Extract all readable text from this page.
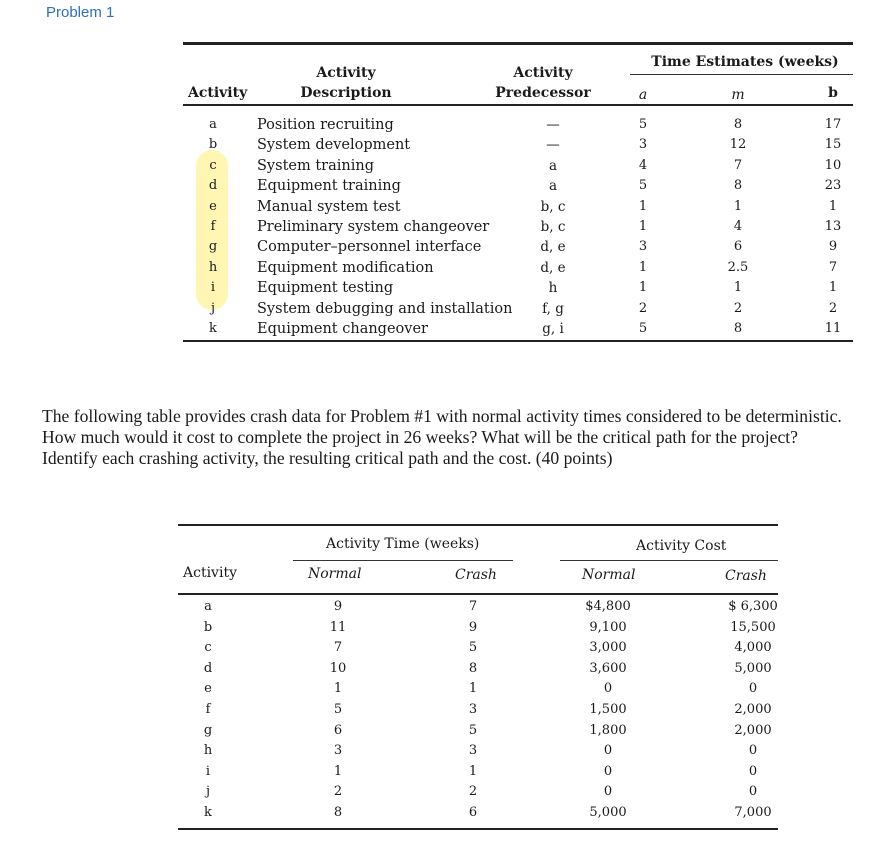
Problem 1
Activity
Activity
Description
Activity
Predecessor
Time Estimates (weeks)
a	m	b
a	Position recruiting	—	5	8	17
b	System development	—	3	12	15
c	System training	a	4	7	10
d	Equipment training	a	5	8	23
e	Manual system test	b, c	1	1	1
f	Preliminary system changeover	b, c	1	4	13
g	Computer–personnel interface	d, e	3	6	9
h	Equipment modification	d, e	1	2.5	7
i	Equipment testing	h	1	1	1
j	System debugging and installation	f, g	2	2	2
k	Equipment changeover	g, i	5	8	11
The following table provides crash data for Problem #1 with normal activity times considered to be deterministic. How much would it cost to complete the project in 26 weeks? What will be the critical path for the project? Identify each crashing activity, the resulting critical path and the cost. (40 points)
Activity Time (weeks)	Activity Cost
Activity	Normal	Crash	Normal	Crash
a	9	7	$4,800	$ 6,300
b	11	9	9,100	15,500
c	7	5	3,000	4,000
d	10	8	3,600	5,000
e	1	1	0	0
f	5	3	1,500	2,000
g	6	5	1,800	2,000
h	3	3	0	0
i	1	1	0	0
j	2	2	0	0
k	8	6	5,000	7,000
